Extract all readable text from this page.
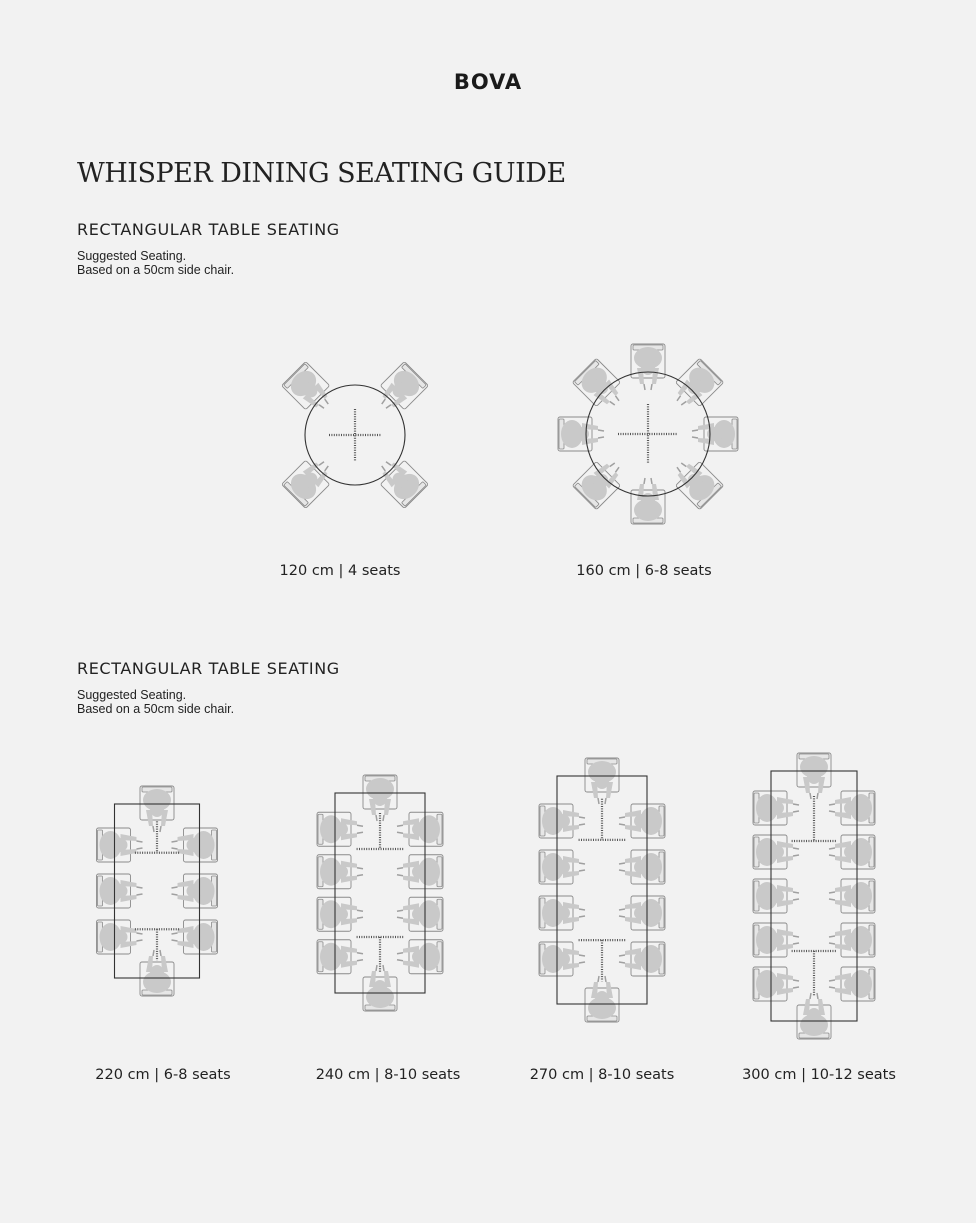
BOVA
WHISPER DINING SEATING GUIDE
RECTANGULAR TABLE SEATING
Suggested Seating.
Based on a 50cm side chair.
120 cm | 4 seats	160 cm | 6-8 seats
RECTANGULAR TABLE SEATING
Suggested Seating.
Based on a 50cm side chair.
220 cm | 6-8 seats	240 cm | 8-10 seats	270 cm | 8-10 seats	300 cm | 10-12 seats
